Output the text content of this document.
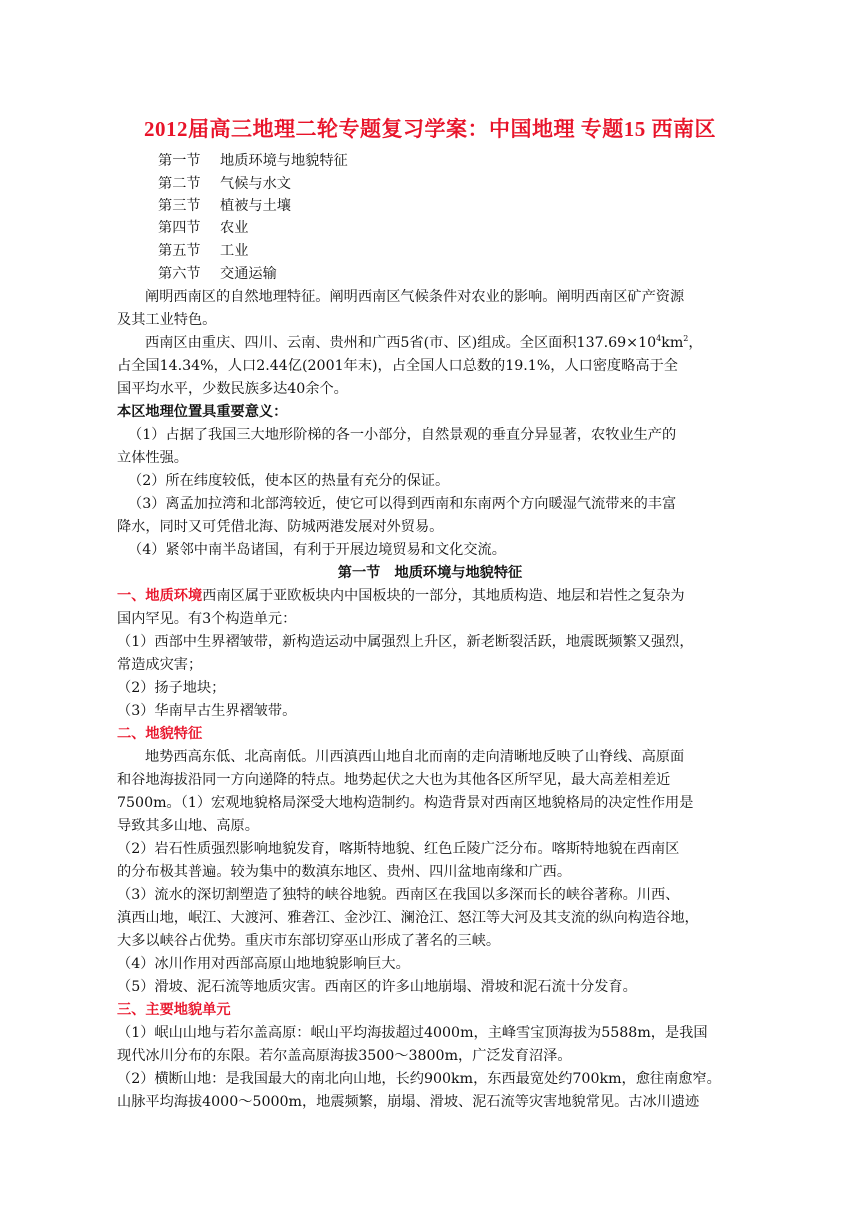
2012届高三地理二轮专题复习学案：中国地理 专题15 西南区
第一节 地质环境与地貌特征
第二节 气候与水文
第三节 植被与土壤
第四节 农业
第五节 工业
第六节 交通运输
阐明西南区的自然地理特征。阐明西南区气候条件对农业的影响。阐明西南区矿产资源
及其工业特色。
西南区由重庆、四川、云南、贵州和广西5省(市、区)组成。全区面积$137.69\times 10^4km^2$，
占全国14.34%，人口2.44亿(2001年末)，占全国人口总数的19.1%，人口密度略高于全
国平均水平，少数民族多达40余个。
本区地理位置具重要意义：
（1）占据了我国三大地形阶梯的各一小部分，自然景观的垂直分异显著，农牧业生产的
立体性强。
（2）所在纬度较低，使本区的热量有充分的保证。
（3）离孟加拉湾和北部湾较近，使它可以得到西南和东南两个方向暖湿气流带来的丰富
降水，同时又可凭借北海、防城两港发展对外贸易。
（4）紧邻中南半岛诸国，有利于开展边境贸易和文化交流。
第一节　地质环境与地貌特征
一、地质环境西南区属于亚欧板块内中国板块的一部分，其地质构造、地层和岩性之复杂为
国内罕见。有3个构造单元：
（1）西部中生界褶皱带，新构造运动中属强烈上升区，新老断裂活跃，地震既频繁又强烈，
常造成灾害；
（2）扬子地块；
（3）华南早古生界褶皱带。
二、地貌特征
地势西高东低、北高南低。川西滇西山地自北而南的走向清晰地反映了山脊线、高原面
和谷地海拔沿同一方向递降的特点。地势起伏之大也为其他各区所罕见，最大高差相差近
7500m。（1）宏观地貌格局深受大地构造制约。构造背景对西南区地貌格局的决定性作用是
导致其多山地、高原。
（2）岩石性质强烈影响地貌发育，喀斯特地貌、红色丘陵广泛分布。喀斯特地貌在西南区
的分布极其普遍。较为集中的数滇东地区、贵州、四川盆地南缘和广西。
（3）流水的深切割塑造了独特的峡谷地貌。西南区在我国以多深而长的峡谷著称。川西、
滇西山地，岷江、大渡河、雅砻江、金沙江、澜沧江、怒江等大河及其支流的纵向构造谷地，
大多以峡谷占优势。重庆市东部切穿巫山形成了著名的三峡。
（4）冰川作用对西部高原山地地貌影响巨大。
（5）滑坡、泥石流等地质灾害。西南区的许多山地崩塌、滑坡和泥石流十分发育。
三、主要地貌单元
（1）岷山山地与若尔盖高原：岷山平均海拔超过4000m，主峰雪宝顶海拔为5588m，是我国
现代冰川分布的东限。若尔盖高原海拔3500～3800m，广泛发育沼泽。
（2）横断山地：是我国最大的南北向山地，长约900km，东西最宽处约700km，愈往南愈窄。
山脉平均海拔4000～5000m，地震频繁，崩塌、滑坡、泥石流等灾害地貌常见。古冰川遗迹
